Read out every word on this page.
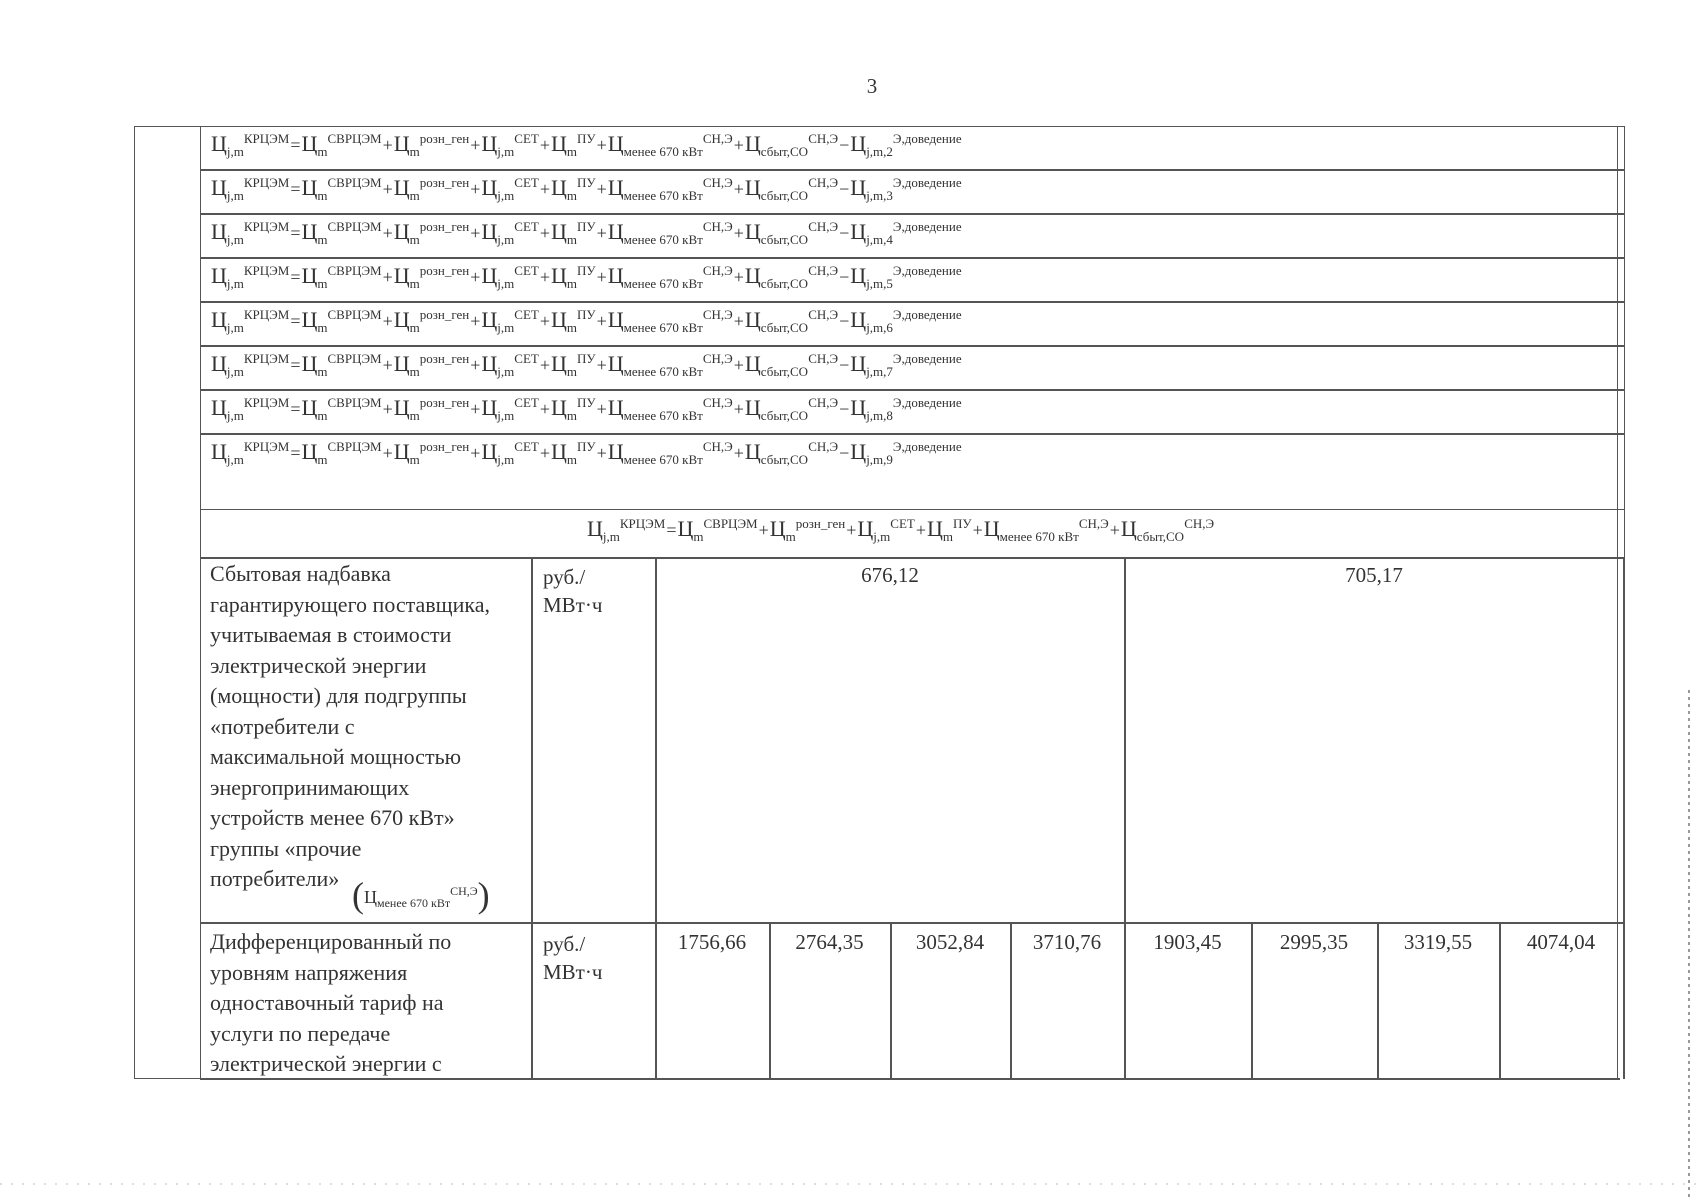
3
$Ц_{j,m}^{КРЦЭМ}=Ц_m^{СВРЦЭМ}+Ц_m^{розн\_ген}+Ц_{j,m}^{СЕТ}+Ц_m^{ПУ}+Ц_{менее 670 кВт}^{СН,Э}+Ц_{сбыт,СО}^{СН,Э}-Ц_{j,m,2}^{Э,доведение}$
$Ц_{j,m}^{КРЦЭМ}=Ц_m^{СВРЦЭМ}+Ц_m^{розн\_ген}+Ц_{j,m}^{СЕТ}+Ц_m^{ПУ}+Ц_{менее 670 кВт}^{СН,Э}+Ц_{сбыт,СО}^{СН,Э}-Ц_{j,m,3}^{Э,доведение}$
$Ц_{j,m}^{КРЦЭМ}=Ц_m^{СВРЦЭМ}+Ц_m^{розн\_ген}+Ц_{j,m}^{СЕТ}+Ц_m^{ПУ}+Ц_{менее 670 кВт}^{СН,Э}+Ц_{сбыт,СО}^{СН,Э}-Ц_{j,m,4}^{Э,доведение}$
$Ц_{j,m}^{КРЦЭМ}=Ц_m^{СВРЦЭМ}+Ц_m^{розн\_ген}+Ц_{j,m}^{СЕТ}+Ц_m^{ПУ}+Ц_{менее 670 кВт}^{СН,Э}+Ц_{сбыт,СО}^{СН,Э}-Ц_{j,m,5}^{Э,доведение}$
$Ц_{j,m}^{КРЦЭМ}=Ц_m^{СВРЦЭМ}+Ц_m^{розн\_ген}+Ц_{j,m}^{СЕТ}+Ц_m^{ПУ}+Ц_{менее 670 кВт}^{СН,Э}+Ц_{сбыт,СО}^{СН,Э}-Ц_{j,m,6}^{Э,доведение}$
$Ц_{j,m}^{КРЦЭМ}=Ц_m^{СВРЦЭМ}+Ц_m^{розн\_ген}+Ц_{j,m}^{СЕТ}+Ц_m^{ПУ}+Ц_{менее 670 кВт}^{СН,Э}+Ц_{сбыт,СО}^{СН,Э}-Ц_{j,m,7}^{Э,доведение}$
$Ц_{j,m}^{КРЦЭМ}=Ц_m^{СВРЦЭМ}+Ц_m^{розн\_ген}+Ц_{j,m}^{СЕТ}+Ц_m^{ПУ}+Ц_{менее 670 кВт}^{СН,Э}+Ц_{сбыт,СО}^{СН,Э}-Ц_{j,m,8}^{Э,доведение}$
$Ц_{j,m}^{КРЦЭМ}=Ц_m^{СВРЦЭМ}+Ц_m^{розн\_ген}+Ц_{j,m}^{СЕТ}+Ц_m^{ПУ}+Ц_{менее 670 кВт}^{СН,Э}+Ц_{сбыт,СО}^{СН,Э}-Ц_{j,m,9}^{Э,доведение}$
$Ц_{j,m}^{КРЦЭМ}=Ц_m^{СВРЦЭМ}+Ц_m^{розн\_ген}+Ц_{j,m}^{СЕТ}+Ц_m^{ПУ}+Ц_{менее 670 кВт}^{СН,Э}+Ц_{сбыт,СО}^{СН,Э}$
Сбытовая надбавка
гарантирующего поставщика,
учитываемая в стоимости
электрической энергии
(мощности) для подгруппы
«потребители с
максимальной мощностью
энергопринимающих
устройств менее 670 кВт»
группы «прочие
потребители» $(Ц_{менее 670 кВт}^{СН,Э})$
руб./
МВт·ч
676,12	705,17
Дифференцированный по
уровням напряжения
одноставочный тариф на
услуги по передаче
электрической энергии с
руб./
МВт·ч
1756,66	2764,35	3052,84	3710,76	1903,45	2995,35	3319,55	4074,04
